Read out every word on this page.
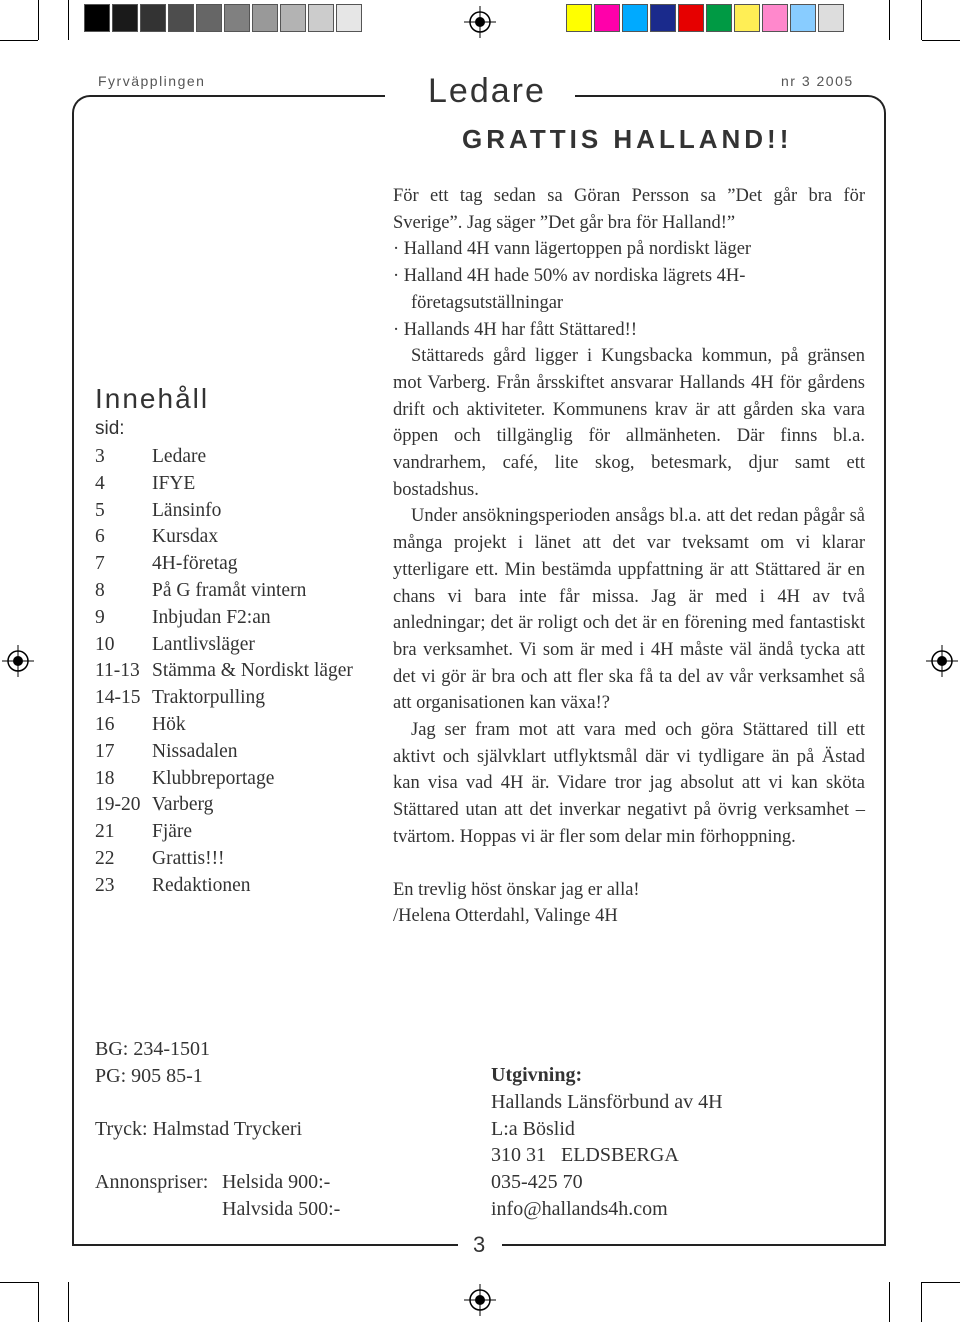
Fyrväpplingen	nr 3 2005
Ledare
GRATTIS HALLAND!!
Innehåll
sid:
3 Ledare
4 IFYE
5 Länsinfo
6 Kursdax
7 4H-företag
8 På G framåt vintern
9 Inbjudan F2:an
10 Lantlivsläger
11-13 Stämma & Nordiskt läger
14-15 Traktorpulling
16 Hök
17 Nissadalen
18 Klubbreportage
19-20 Varberg
21 Fjäre
22 Grattis!!!
23 Redaktionen

För ett tag sedan sa Göran Persson sa ”Det går bra för Sverige”. Jag säger ”Det går bra för Halland!”

· Halland 4H vann lägertoppen på nordiskt läger

· Halland 4H hade 50% av nordiska lägrets 4H-företagsutställningar

· Hallands 4H har fått Stättared!!

Stättareds gård ligger i Kungsbacka kommun, på gränsen mot Varberg. Från årsskiftet ansvarar Hallands 4H för gårdens drift och aktiviteter. Kommunens krav är att gården ska vara öppen och tillgänglig för allmänheten. Där finns bl.a. vandrarhem, café, lite skog, betesmark, djur samt ett bostadshus.

Under ansökningsperioden ansågs bl.a. att det redan pågår så många projekt i länet att det var tveksamt om vi klarar ytterligare ett. Min bestämda uppfattning är att Stättared är en chans vi bara inte får missa. Jag är med i 4H av två anledningar; det är roligt och det är en förening med fantastiskt bra verksamhet. Vi som är med i 4H måste väl ändå tycka att det vi gör är bra och att fler ska få ta del av vår verksamhet så att organisationen kan växa!?

Jag ser fram mot att vara med och göra Stättared till ett aktivt och självklart utflyktsmål där vi tydligare än på Ästad kan visa vad 4H är. Vidare tror jag absolut att vi kan sköta Stättared utan att det inverkar negativt på övrig verksamhet – tvärtom. Hoppas vi är fler som delar min förhoppning.

En trevlig höst önskar jag er alla!

/Helena Otterdahl, Valinge 4H

BG: 234-1501
PG: 905 85-1
Tryck: Halmstad Tryckeri
Annonspriser: Helsida 900:-
Halvsida 500:-
Utgivning:
Hallands Länsförbund av 4H
L:a Böslid
310 31   ELDSBERGA
035-425 70
info@hallands4h.com
3
